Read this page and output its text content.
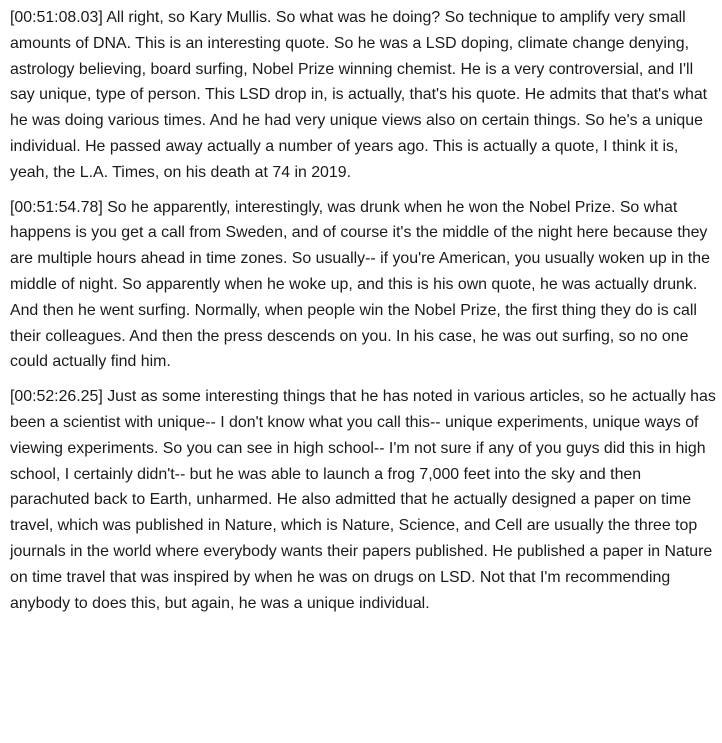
[00:51:08.03] All right, so Kary Mullis. So what was he doing? So technique to amplify very small amounts of DNA. This is an interesting quote. So he was a LSD doping, climate change denying, astrology believing, board surfing, Nobel Prize winning chemist. He is a very controversial, and I'll say unique, type of person. This LSD drop in, is actually, that's his quote. He admits that that's what he was doing various times. And he had very unique views also on certain things. So he's a unique individual. He passed away actually a number of years ago. This is actually a quote, I think it is, yeah, the L.A. Times, on his death at 74 in 2019.

[00:51:54.78] So he apparently, interestingly, was drunk when he won the Nobel Prize. So what happens is you get a call from Sweden, and of course it's the middle of the night here because they are multiple hours ahead in time zones. So usually-- if you're American, you usually woken up in the middle of night. So apparently when he woke up, and this is his own quote, he was actually drunk. And then he went surfing. Normally, when people win the Nobel Prize, the first thing they do is call their colleagues. And then the press descends on you. In his case, he was out surfing, so no one could actually find him.

[00:52:26.25] Just as some interesting things that he has noted in various articles, so he actually has been a scientist with unique-- I don't know what you call this-- unique experiments, unique ways of viewing experiments. So you can see in high school-- I'm not sure if any of you guys did this in high school, I certainly didn't-- but he was able to launch a frog 7,000 feet into the sky and then parachuted back to Earth, unharmed. He also admitted that he actually designed a paper on time travel, which was published in Nature, which is Nature, Science, and Cell are usually the three top journals in the world where everybody wants their papers published. He published a paper in Nature on time travel that was inspired by when he was on drugs on LSD. Not that I'm recommending anybody to does this, but again, he was a unique individual.
